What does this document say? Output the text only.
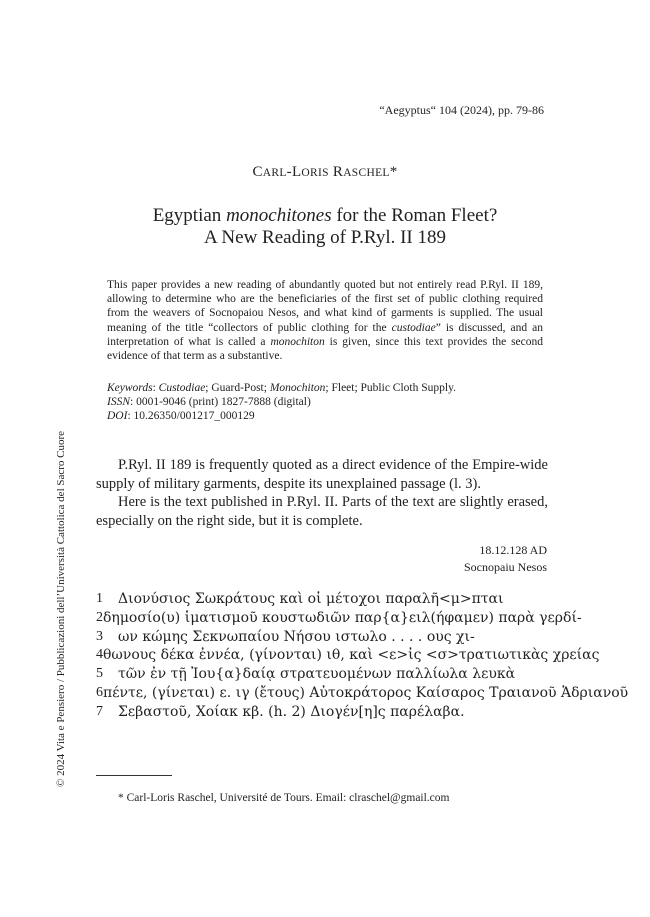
“Aegyptus“ 104 (2024), pp. 79-86
CARL-LORIS RASCHEL*
Egyptian monochitones for the Roman Fleet?
A New Reading of P.Ryl. II 189
This paper provides a new reading of abundantly quoted but not entirely read P.Ryl. II 189, allowing to determine who are the beneficiaries of the first set of public clothing required from the weavers of Socnopaiou Nesos, and what kind of garments is supplied. The usual meaning of the title “collectors of public clothing for the custodiae” is discussed, and an interpretation of what is called a monochiton is given, since this text provides the second evidence of that term as a substantive.
Keywords: Custodiae; Guard-Post; Monochiton; Fleet; Public Cloth Supply.
ISSN: 0001-9046 (print) 1827-7888 (digital)
DOI: 10.26350/001217_000129

P.Ryl. II 189 is frequently quoted as a direct evidence of the Empire-wide supply of military garments, despite its unexplained passage (l. 3).

Here is the text published in P.Ryl. II. Parts of the text are slightly erased, especially on the right side, but it is complete.

18.12.128 AD
Socnopaiu Nesos
1	Διονύσιος Σωκράτους καὶ οἱ μέτοχοι παραλῆ<μ>πται
2 δημοσίο(υ) ἱματισμοῦ κουστωδιῶν παρ{α}ειλ(ήφαμεν) παρὰ γερδί-
3	ων κώμης Σεκνωπαίου Νήσου ιστωλο . . . . ους χι-
4 θωνους δέκα ἐννέα, (γίνονται) ιθ, καὶ <ε>ἰς <σ>τρατιωτικὰς χρείας
5	τῶν ἐν τῇ Ἰου{α}δαίᾳ στρατευομένων παλλίωλα λευκὰ
6 πέντε, (γίνεται) ε. ιγ (ἔτους) Αὐτοκράτορος Καίσαρος Τραιανοῦ Ἁδριανοῦ
7	Σεβαστοῦ, Χοίακ κβ. (h. 2) Διογέν[η]ς παρέλαβα.
* Carl-Loris Raschel, Université de Tours. Email: clraschel@gmail.com
© 2024 Vita e Pensiero / Pubblicazioni dell’Università Cattolica del Sacro Cuore
